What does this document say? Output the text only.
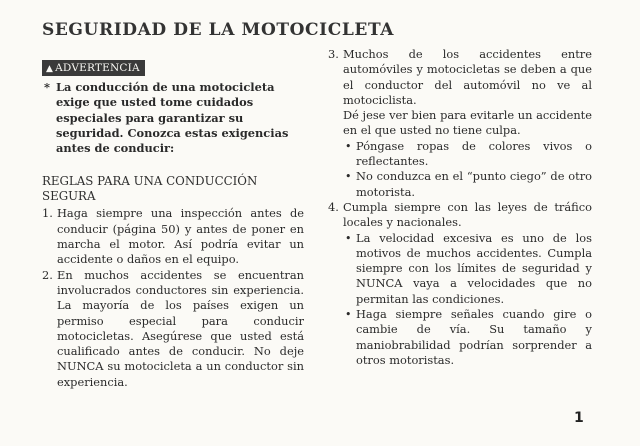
SEGURIDAD DE LA MOTOCICLETA
▲ ADVERTENCIA
* La conducción de una motocicleta exige que usted tome cuidados especiales para garantizar su seguridad. Conozca estas exigencias antes de conducir:
REGLAS PARA UNA CONDUCCIÓN
SEGURA
1. Haga siempre una inspección antes de conducir (página 50) y antes de poner en marcha el motor. Así podría evitar un accidente o daños en el equipo.

2. En muchos accidentes se encuentran involucrados conductores sin experiencia. La mayoría de los países exigen un permiso especial para conducir motocicletas. Asegúrese que usted está cualificado antes de conducir. No deje NUNCA su motocicleta a un conductor sin experiencia.

3. Muchos de los accidentes entre automóviles y motocicletas se deben a que el conductor del automóvil no ve al motociclista.

Dé jese ver bien para evitarle un accidente en el que usted no tiene culpa.

• Póngase ropas de colores vivos o reflectantes.
• No conduzca en el “punto ciego” de otro motorista.
4. Cumpla siempre con las leyes de tráfico locales y nacionales.

• La velocidad excesiva es uno de los motivos de muchos accidentes. Cumpla siempre con los límites de seguridad y NUNCA vaya a velocidades que no permitan las condiciones.
• Haga siempre señales cuando gire o cambie de vía. Su tamaño y maniobrabilidad podrían sorprender a otros motoristas.
1
